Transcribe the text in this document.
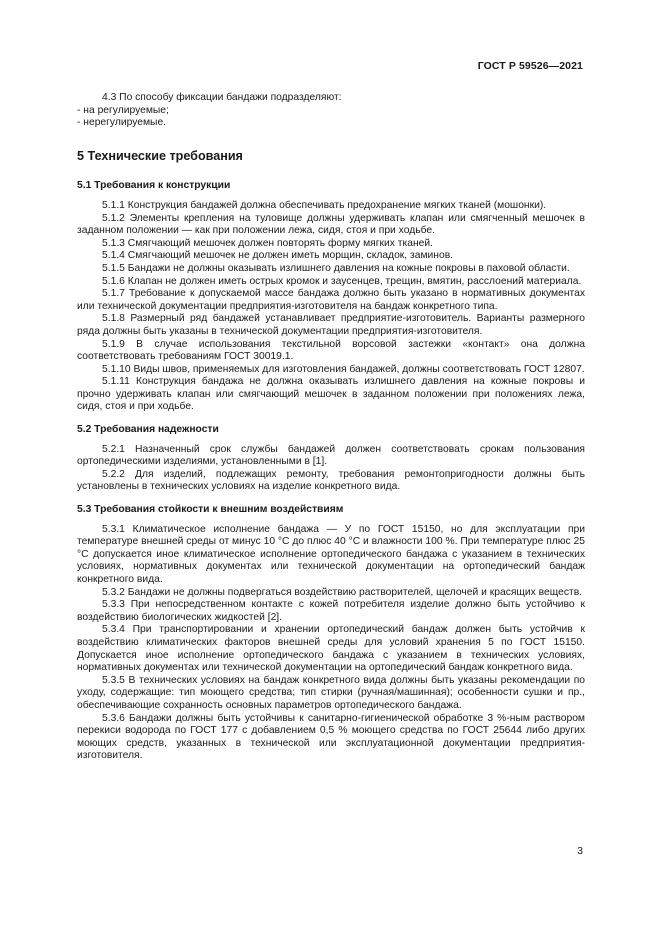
ГОСТ Р 59526—2021

4.3 По способу фиксации бандажи подразделяют:

- на регулируемые;

- нерегулируемые.

5 Технические требования

5.1 Требования к конструкции

5.1.1 Конструкция бандажей должна обеспечивать предохранение мягких тканей (мошонки).

5.1.2 Элементы крепления на туловище должны удерживать клапан или смягченный мешочек в заданном положении — как при положении лежа, сидя, стоя и при ходьбе.

5.1.3 Смягчающий мешочек должен повторять форму мягких тканей.

5.1.4 Смягчающий мешочек не должен иметь морщин, складок, заминов.

5.1.5 Бандажи не должны оказывать излишнего давления на кожные покровы в паховой области.

5.1.6 Клапан не должен иметь острых кромок и заусенцев, трещин, вмятин, расслоений материала.

5.1.7 Требование к допускаемой массе бандажа должно быть указано в нормативных документах или технической документации предприятия-изготовителя на бандаж конкретного типа.

5.1.8 Размерный ряд бандажей устанавливает предприятие-изготовитель. Варианты размерного ряда должны быть указаны в технической документации предприятия-изготовителя.

5.1.9 В случае использования текстильной ворсовой застежки «контакт» она должна соответствовать требованиям ГОСТ 30019.1.

5.1.10 Виды швов, применяемых для изготовления бандажей, должны соответствовать ГОСТ 12807.

5.1.11 Конструкция бандажа не должна оказывать излишнего давления на кожные покровы и прочно удерживать клапан или смягчающий мешочек в заданном положении при положениях лежа, сидя, стоя и при ходьбе.

5.2 Требования надежности

5.2.1 Назначенный срок службы бандажей должен соответствовать срокам пользования ортопедическими изделиями, установленными в [1].

5.2.2 Для изделий, подлежащих ремонту, требования ремонтопригодности должны быть установлены в технических условиях на изделие конкретного вида.

5.3 Требования стойкости к внешним воздействиям

5.3.1 Климатическое исполнение бандажа — У по ГОСТ 15150, но для эксплуатации при температуре внешней среды от минус 10 °С до плюс 40 °С и влажности 100 %. При температуре плюс 25 °С допускается иное климатическое исполнение ортопедического бандажа с указанием в технических условиях, нормативных документах или технической документации на ортопедический бандаж конкретного вида.

5.3.2 Бандажи не должны подвергаться воздействию растворителей, щелочей и красящих веществ.

5.3.3 При непосредственном контакте с кожей потребителя изделие должно быть устойчиво к воздействию биологических жидкостей [2].

5.3.4 При транспортировании и хранении ортопедический бандаж должен быть устойчив к воздействию климатических факторов внешней среды для условий хранения 5 по ГОСТ 15150. Допускается иное исполнение ортопедического бандажа с указанием в технических условиях, нормативных документах или технической документации на ортопедический бандаж конкретного вида.

5.3.5 В технических условиях на бандаж конкретного вида должны быть указаны рекомендации по уходу, содержащие: тип моющего средства; тип стирки (ручная/машинная); особенности сушки и пр., обеспечивающие сохранность основных параметров ортопедического бандажа.

5.3.6 Бандажи должны быть устойчивы к санитарно-гигиенической обработке 3 %-ным раствором перекиси водорода по ГОСТ 177 с добавлением 0,5 % моющего средства по ГОСТ 25644 либо других моющих средств, указанных в технической или эксплуатационной документации предприятия-изготовителя.

3
